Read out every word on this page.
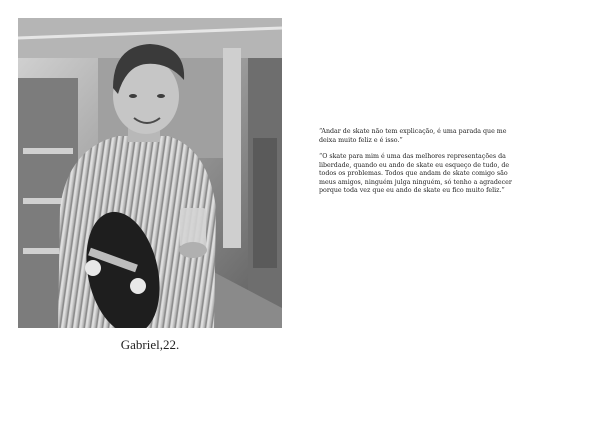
Gabriel,22.

“Andar de skate não tem explicação, é uma parada que me deixa muito feliz e é isso.”

“O skate para mim é uma das melhores representações da liberdade, quando eu ando de skate eu esqueço de tudo, de todos os problemas. Todos que andam de skate comigo são meus amigos, ninguém julga ninguém, só tenho a agradecer porque toda vez que eu ando de skate eu fico muito feliz.”
